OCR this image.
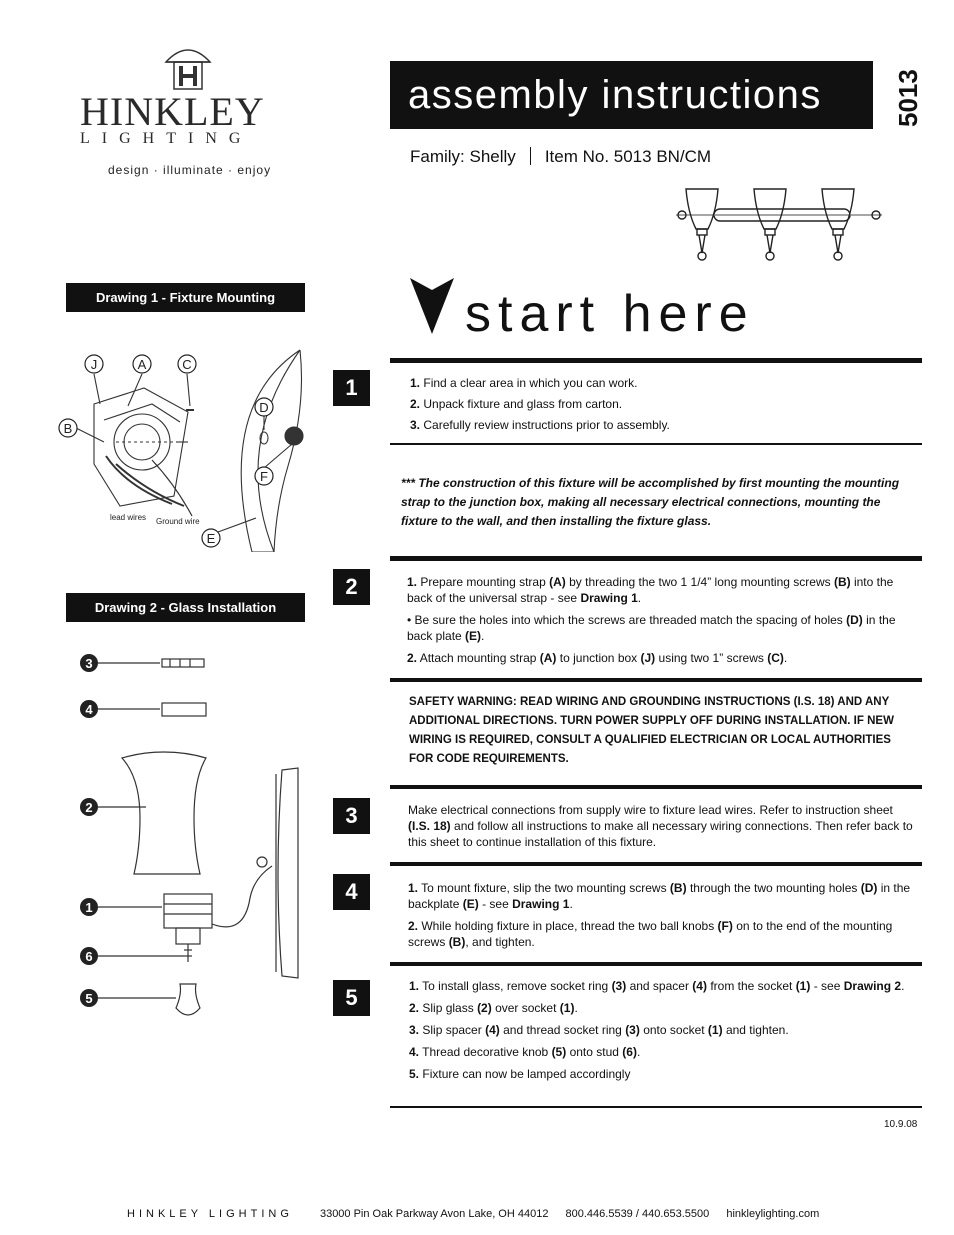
HINKLEY
LIGHTING
design · illuminate · enjoy
assembly instructions	5013
Family: Shelly Item No. 5013 BN/CM
start here
Drawing 1 - Fixture Mounting
J	A	C
B
D
F
E
lead wires Ground wire
Drawing 2 - Glass Installation
3
4
2
1
6
5
1
2
3
4
5
1. Find a clear area in which you can work.
2. Unpack fixture and glass from carton.
3. Carefully review instructions prior to assembly.
*** The construction of this fixture will be accomplished by first mounting the mounting strap to the junction box, making all necessary electrical connections, mounting the fixture to the wall, and then installing the fixture glass.
1. Prepare mounting strap (A) by threading the two 1 1/4” long mounting screws (B) into the back of the universal strap - see Drawing 1.
• Be sure the holes into which the screws are threaded match the spacing of holes (D) in the back plate (E).
2. Attach mounting strap (A) to junction box (J) using two 1” screws (C).
SAFETY WARNING: READ WIRING AND GROUNDING INSTRUCTIONS (I.S. 18) AND ANY ADDITIONAL DIRECTIONS. TURN POWER SUPPLY OFF DURING INSTALLATION. IF NEW WIRING IS REQUIRED, CONSULT A QUALIFIED ELECTRICIAN OR LOCAL AUTHORITIES FOR CODE REQUIREMENTS.
Make electrical connections from supply wire to fixture lead wires. Refer to instruction sheet (I.S. 18) and follow all instructions to make all necessary wiring connections. Then refer back to this sheet to continue installation of this fixture.
1. To mount fixture, slip the two mounting screws (B) through the two mounting holes (D) in the backplate (E) - see Drawing 1.
2. While holding fixture in place, thread the two ball knobs (F) on to the end of the mounting screws (B), and tighten.
1. To install glass, remove socket ring (3) and spacer (4) from the socket (1) - see Drawing 2.
2. Slip glass (2) over socket (1).
3. Slip spacer (4) and thread socket ring (3) onto socket (1) and tighten.
4. Thread decorative knob (5) onto stud (6).
5. Fixture can now be lamped accordingly
10.9.08
HINKLEY LIGHTING 33000 Pin Oak Parkway Avon Lake, OH 44012 800.446.5539 / 440.653.5500 hinkleylighting.com
